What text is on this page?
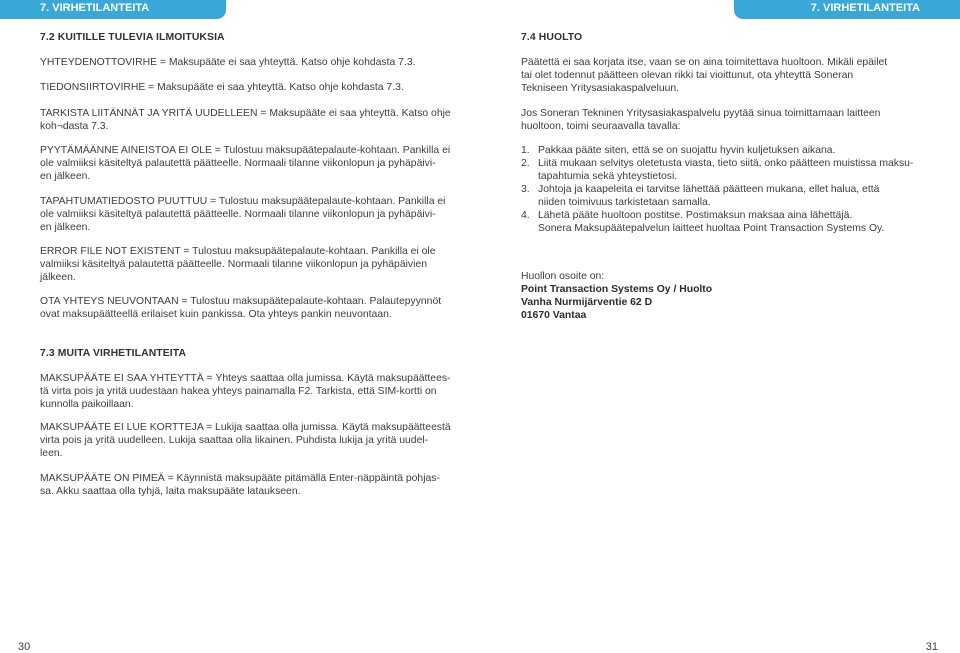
7. VIRHETILANTEITA
7.2 KUITILLE TULEVIA ILMOITUKSIA
YHTEYDENOTTOVIRHE = Maksupääte ei saa yhteyttä. Katso ohje kohdasta 7.3.
TIEDONSIIRTOVIRHE = Maksupääte ei saa yhteyttä. Katso ohje kohdasta 7.3.
TARKISTA LIITÄNNÄT JA YRITÄ UUDELLEEN = Maksupääte ei saa yhteyttä. Katso ohje
koh¬dasta 7.3.
PYYTÄMÄÄNNE AINEISTOA EI OLE = Tulostuu maksupäätepalaute-kohtaan. Pankilla ei
ole valmiiksi käsiteltyä palautettä päätteelle. Normaali tilanne viikonlopun ja pyhäpäivi-
en jälkeen.
TAPAHTUMATIEDOSTO PUUTTUU = Tulostuu maksupäätepalaute-kohtaan. Pankilla ei
ole valmiiksi käsiteltyä palautettä päätteelle. Normaali tilanne viikonlopun ja pyhäpäivi-
en jälkeen.
ERROR FILE NOT EXISTENT = Tulostuu maksupäätepalaute-kohtaan. Pankilla ei ole
valmiiksi käsiteltyä palautettä päätteelle. Normaali tilanne viikonlopun ja pyhäpäivien
jälkeen.
OTA YHTEYS NEUVONTAAN = Tulostuu maksupäätepalaute-kohtaan. Palautepyynnöt
ovat maksupäätteellä erilaiset kuin pankissa. Ota yhteys pankin neuvontaan.
7.3 MUITA VIRHETILANTEITA
MAKSUPÄÄTE EI SAA YHTEYTTÄ = Yhteys saattaa olla jumissa. Käytä maksupäättees-
tä virta pois ja yritä uudestaan hakea yhteys painamalla F2. Tarkista, että SIM-kortti on
kunnolla paikoillaan.
MAKSUPÄÄTE EI LUE KORTTEJA = Lukija saattaa olla jumissa. Käytä maksupäätteestä
virta pois ja yritä uudelleen. Lukija saattaa olla likainen. Puhdista lukija ja yritä uudel-
leen.
MAKSUPÄÄTE ON PIMEÄ = Käynnistä maksupääte pitämällä Enter-näppäintä pohjas-
sa. Akku saattaa olla tyhjä, laita maksupääte lataukseen.
30
7. VIRHETILANTEITA
7.4 HUOLTO
Päätettä ei saa korjata itse, vaan se on aina toimitettava huoltoon. Mikäli epäilet
tai olet todennut päätteen olevan rikki tai vioittunut, ota yhteyttä Soneran
Tekniseen Yritysasiakaspalveluun.
Jos Soneran Tekninen Yritysasiakaspalvelu pyytää sinua toimittamaan laitteen
huoltoon, toimi seuraavalla tavalla:
1. Pakkaa pääte siten, että se on suojattu hyvin kuljetuksen aikana.
2. Liitä mukaan selvitys oletetusta viasta, tieto siitä, onko päätteen muistissa maksu-
tapahtumia sekä yhteystietosi.
3. Johtoja ja kaapeleita ei tarvitse lähettää päätteen mukana, ellet halua, että
niiden toimivuus tarkistetaan samalla.
4. Lähetä pääte huoltoon postitse. Postimaksun maksaa aina lähettäjä.
Sonera Maksupäätepalvelun laitteet huoltaa Point Transaction Systems Oy.
Huollon osoite on:
Point Transaction Systems Oy / Huolto
Vanha Nurmijärventie 62 D
01670 Vantaa
31
